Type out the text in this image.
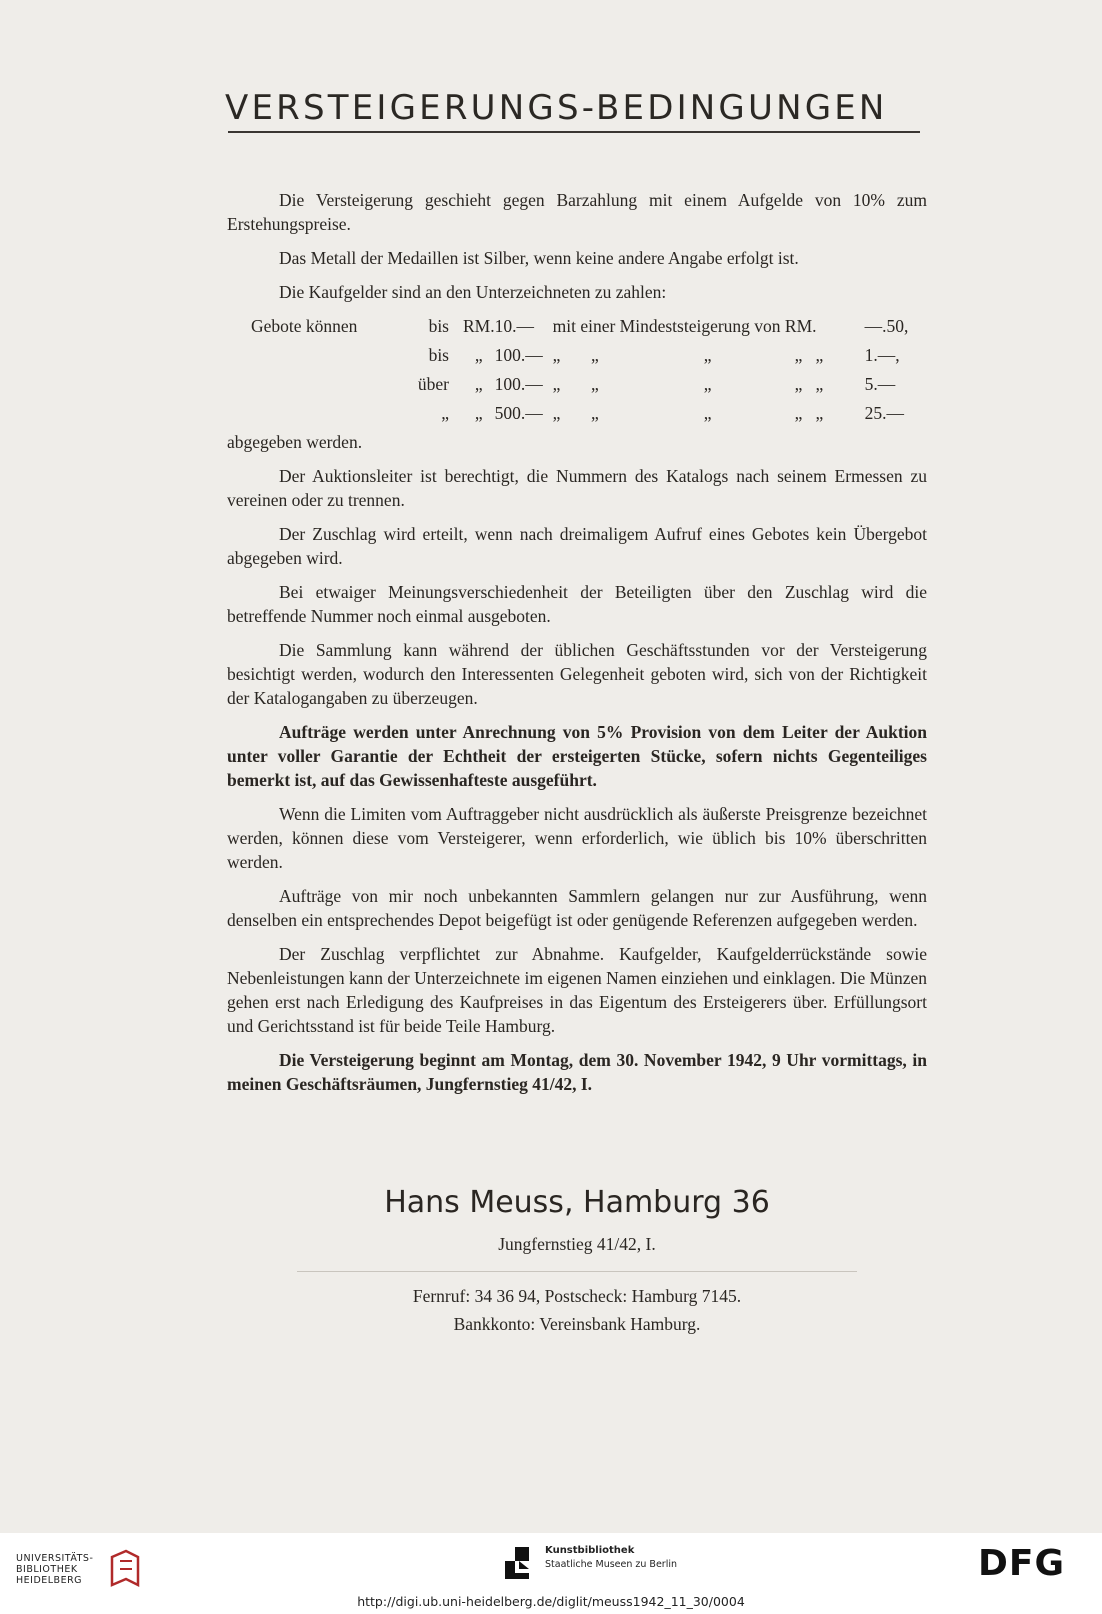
VERSTEIGERUNGS-BEDINGUNGEN

Die Versteigerung geschieht gegen Barzahlung mit einem Aufgelde von 10% zum Erstehungspreise.

Das Metall der Medaillen ist Silber, wenn keine andere Angabe erfolgt ist.

Die Kaufgelder sind an den Unterzeichneten zu zahlen:

Gebote können	bis	RM.	10.—	mit einer Mindeststeigerung von RM.	—.50,
	bis	„	100.—	„       „                        „                   „   „	1.—,
	über	„	100.—	„       „                        „                   „   „	5.—
	„	„	500.—	„       „                        „                   „   „	25.—

abgegeben werden.

Der Auktionsleiter ist berechtigt, die Nummern des Katalogs nach seinem Ermessen zu vereinen oder zu trennen.

Der Zuschlag wird erteilt, wenn nach dreimaligem Aufruf eines Gebotes kein Übergebot abgegeben wird.

Bei etwaiger Meinungsverschiedenheit der Beteiligten über den Zuschlag wird die betreffende Nummer noch einmal ausgeboten.

Die Sammlung kann während der üblichen Geschäftsstunden vor der Versteigerung besichtigt werden, wodurch den Interessenten Gelegenheit geboten wird, sich von der Richtigkeit der Katalogangaben zu überzeugen.

Aufträge werden unter Anrechnung von 5% Provision von dem Leiter der Auktion unter voller Garantie der Echtheit der ersteigerten Stücke, sofern nichts Gegenteiliges bemerkt ist, auf das Gewissenhafteste ausgeführt.

Wenn die Limiten vom Auftraggeber nicht ausdrücklich als äußerste Preisgrenze bezeichnet werden, können diese vom Versteigerer, wenn erforderlich, wie üblich bis 10% überschritten werden.

Aufträge von mir noch unbekannten Sammlern gelangen nur zur Ausführung, wenn denselben ein entsprechendes Depot beigefügt ist oder genügende Referenzen aufgegeben werden.

Der Zuschlag verpflichtet zur Abnahme. Kaufgelder, Kaufgelderrückstände sowie Nebenleistungen kann der Unterzeichnete im eigenen Namen einziehen und einklagen. Die Münzen gehen erst nach Erledigung des Kaufpreises in das Eigentum des Ersteigerers über. Erfüllungsort und Gerichtsstand ist für beide Teile Hamburg.

Die Versteigerung beginnt am Montag, dem 30. November 1942, 9 Uhr vormittags, in meinen Geschäftsräumen, Jungfernstieg 41/42, I.

Hans Meuss, Hamburg 36

Jungfernstieg 41/42, I.

Fernruf: 34 36 94, Postscheck: Hamburg 7145.

Bankkonto: Vereinsbank Hamburg.

UNIVERSITÄTS-
BIBLIOTHEK
HEIDELBERG
Kunstbibliothek
Staatliche Museen zu Berlin	DFG
http://digi.ub.uni-heidelberg.de/diglit/meuss1942_11_30/0004
